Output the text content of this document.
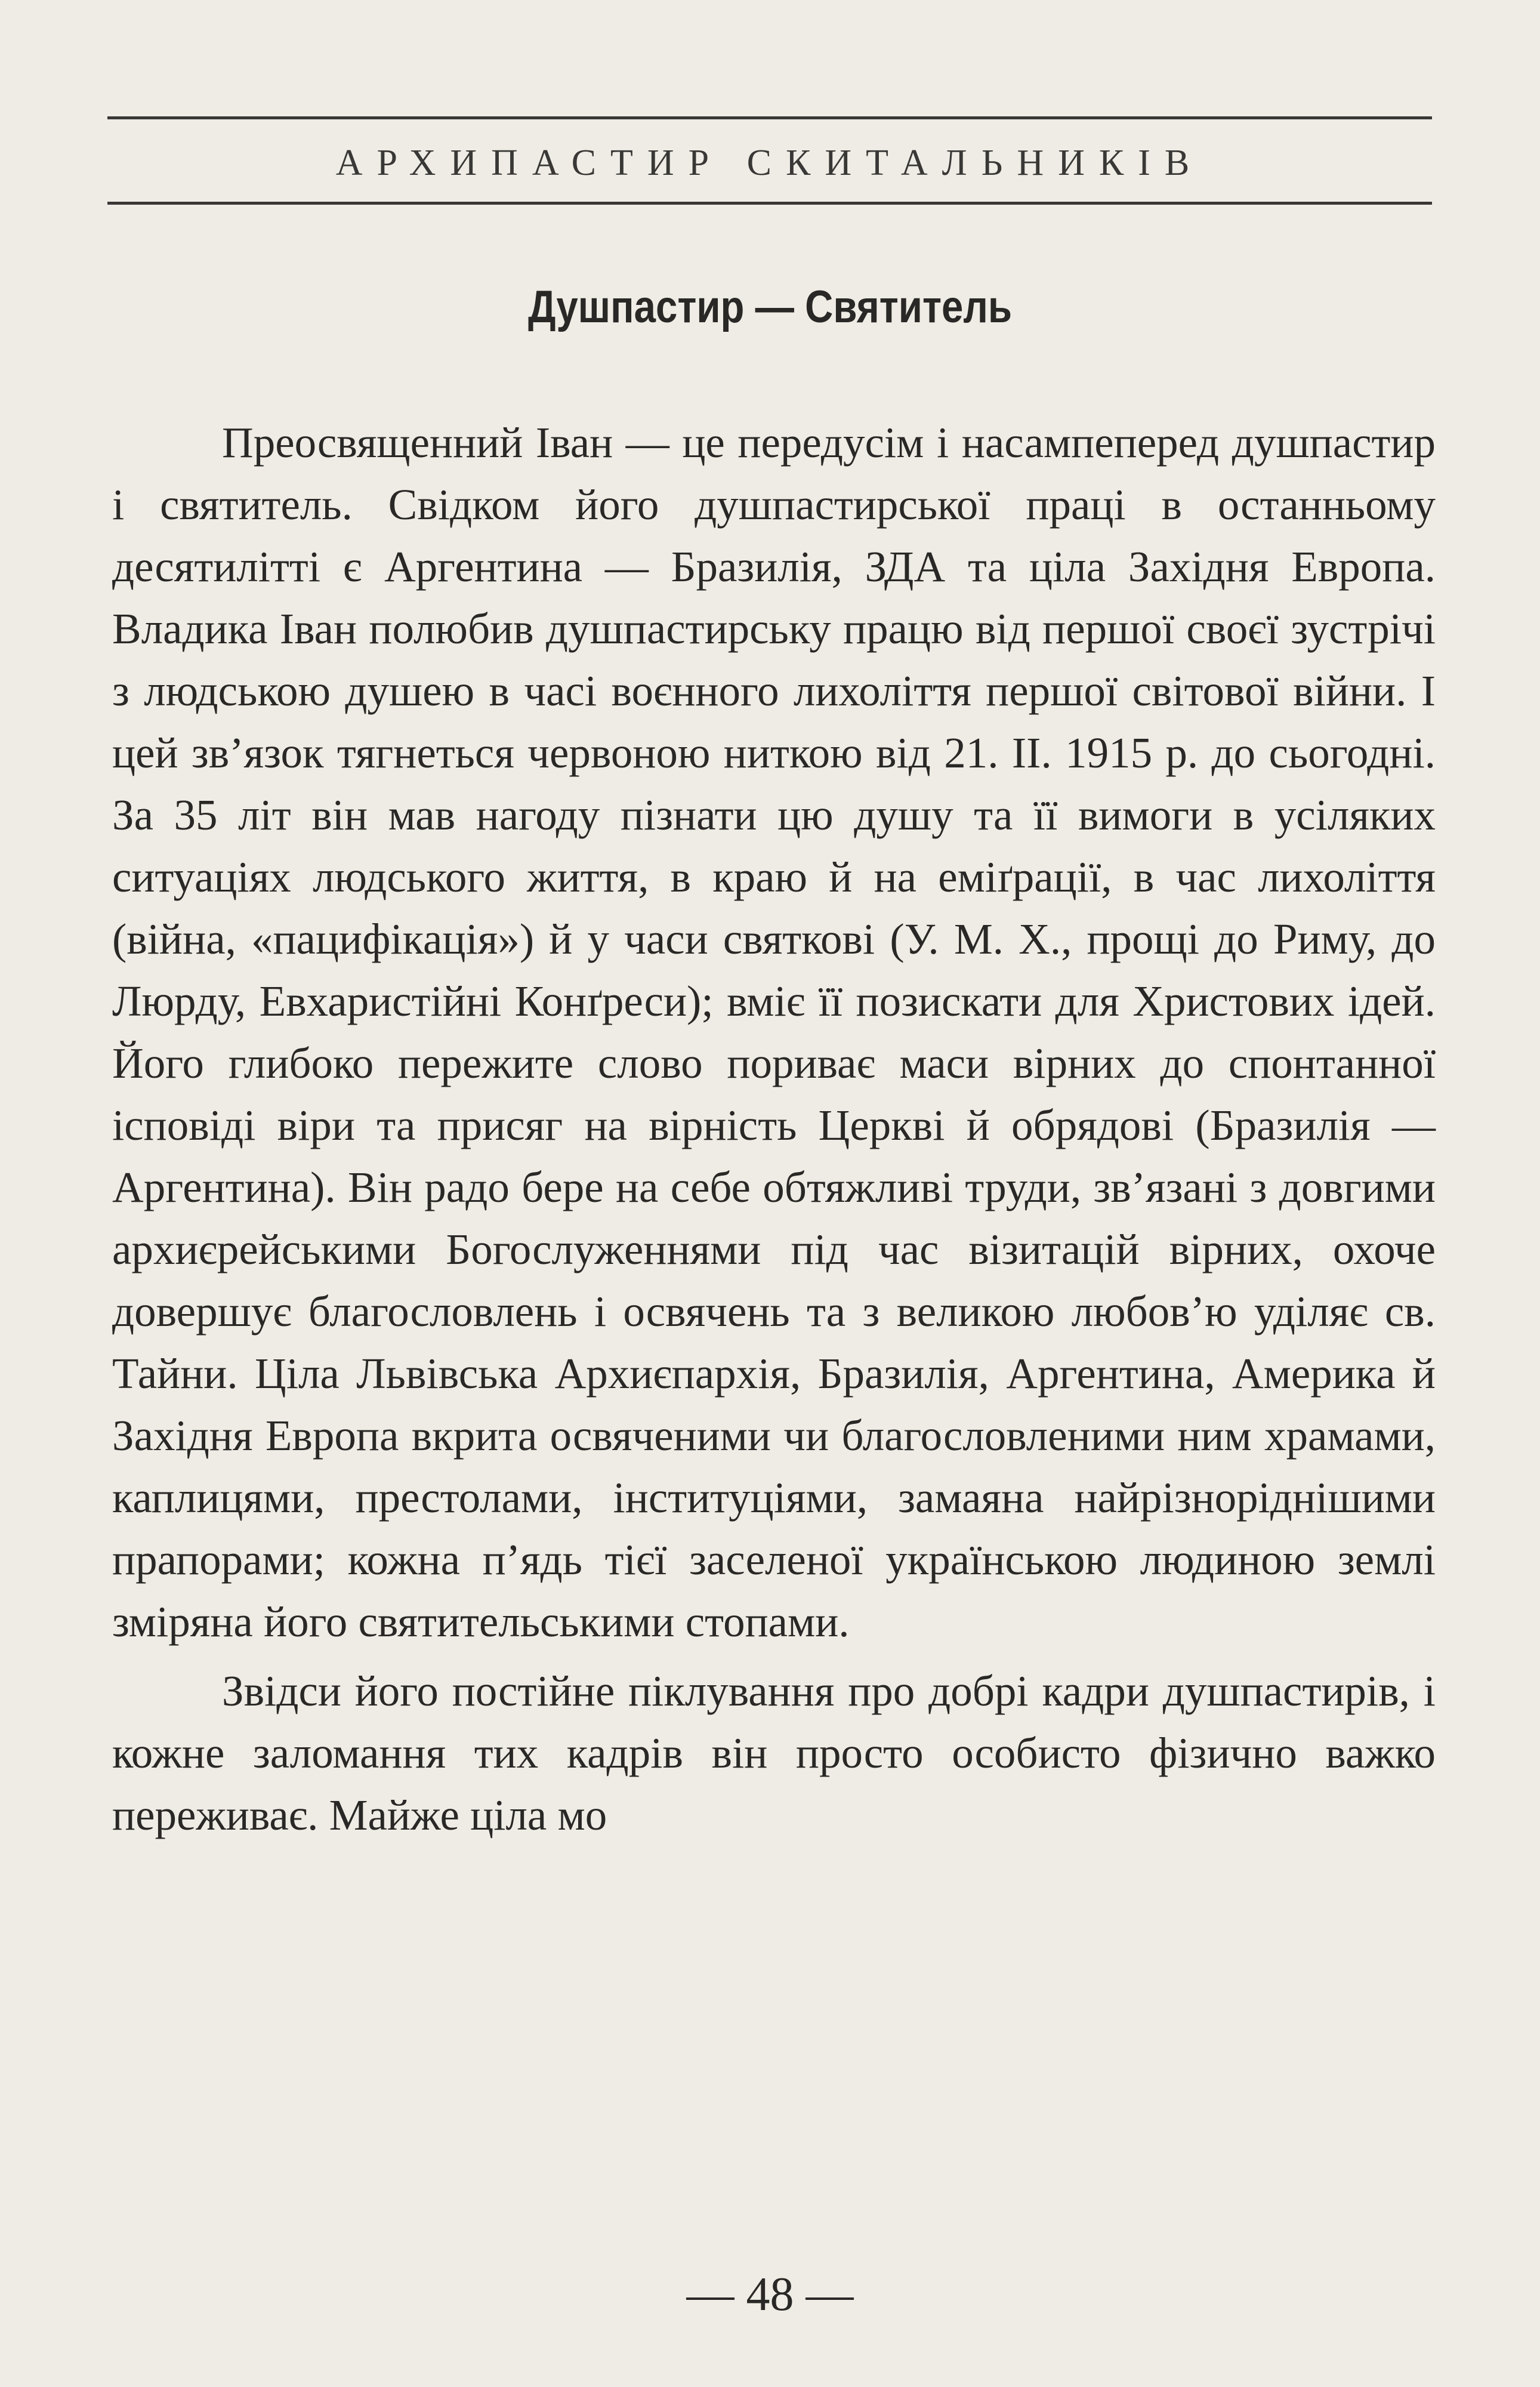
АРХИПАСТИР СКИТАЛЬНИКІВ
Душпастир — Святитель

Преосвященний Іван — це передусім і насампеперед душпастир і святитель. Свідком його душпастирської праці в останньому десятилітті є Аргентина — Бразилія, ЗДА та ціла Західня Европа. Владика Іван полюбив душпастирську працю від першої своєї зустрічі з людською душею в часі воєнного лихоліття першої світової війни. І цей зв’язок тягнеться червоною ниткою від 21. II. 1915 р. до сьогодні. За 35 літ він мав нагоду пізнати цю душу та її вимоги в усіляких ситуаціях людського життя, в краю й на еміґрації, в час лихоліття (війна, «пацифікація») й у часи святкові (У. М. Х., прощі до Риму, до Люрду, Евхаристійні Конґреси); вміє її позискати для Христових ідей. Його глибоко пережите слово пориває маси вірних до спонтанної іcповіді віри та присяг на вірність Церкві й обрядові (Бразилія — Аргентина). Він радо бере на себе обтяжливі труди, зв’язані з довгими архиєрейськими Богослуженнями під час візитацій вірних, охоче довершує благословлень і освячень та з великою любов’ю уділяє св. Тайни. Ціла Львівська Архиєпархія, Бразилія, Аргентина, Америка й Західня Европа вкрита освяченими чи благословленими ним храмами, каплицями, престолами, інституціями, замаяна найрізноріднішими прапорами; кожна п’ядь тієї заселеної українською людиною землі зміряна його святительськими стопами.

Звідси його постійне піклування про добрі кадри душпастирів, і кожне заломання тих кадрів він просто особисто фізично важко переживає. Майже ціла мо

— 48 —
